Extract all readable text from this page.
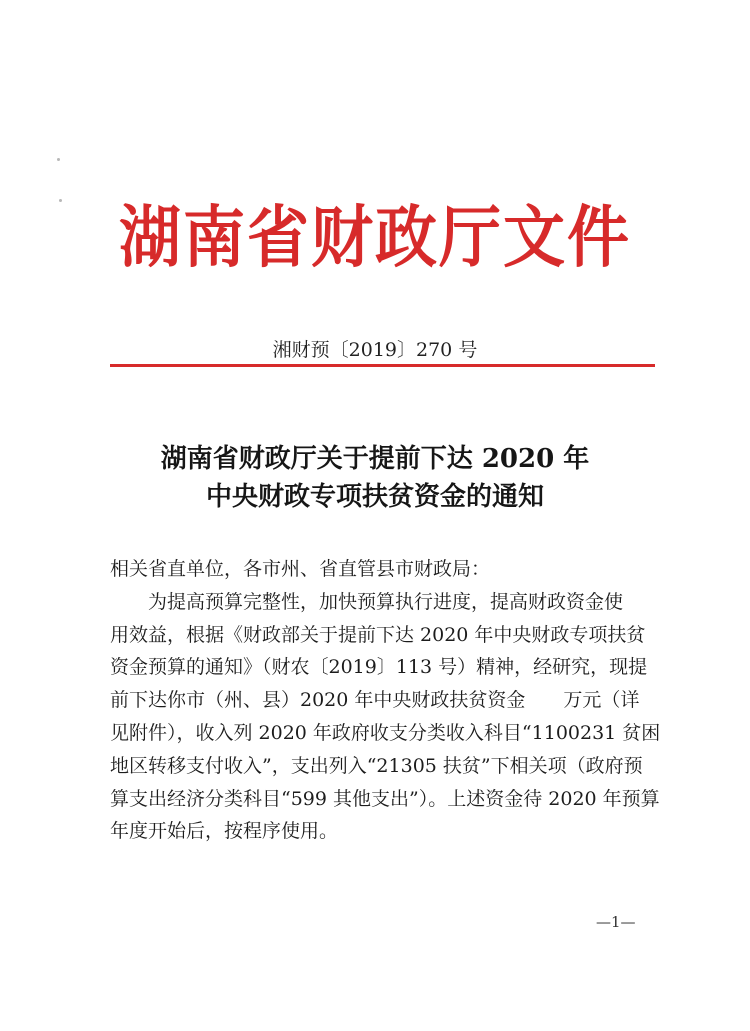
湖南省财政厅文件
湘财预〔2019〕270 号
湖南省财政厅关于提前下达 2020 年
中央财政专项扶贫资金的通知
相关省直单位，各市州、省直管县市财政局：
　　为提高预算完整性，加快预算执行进度，提高财政资金使
用效益，根据《财政部关于提前下达 2020 年中央财政专项扶贫
资金预算的通知》（财农〔2019〕113 号）精神，经研究，现提
前下达你市（州、县）2020 年中央财政扶贫资金　　万元（详
见附件），收入列 2020 年政府收支分类收入科目“1100231 贫困
地区转移支付收入”，支出列入“21305 扶贫”下相关项（政府预
算支出经济分类科目“599 其他支出”）。上述资金待 2020 年预算
年度开始后，按程序使用。
—1—
